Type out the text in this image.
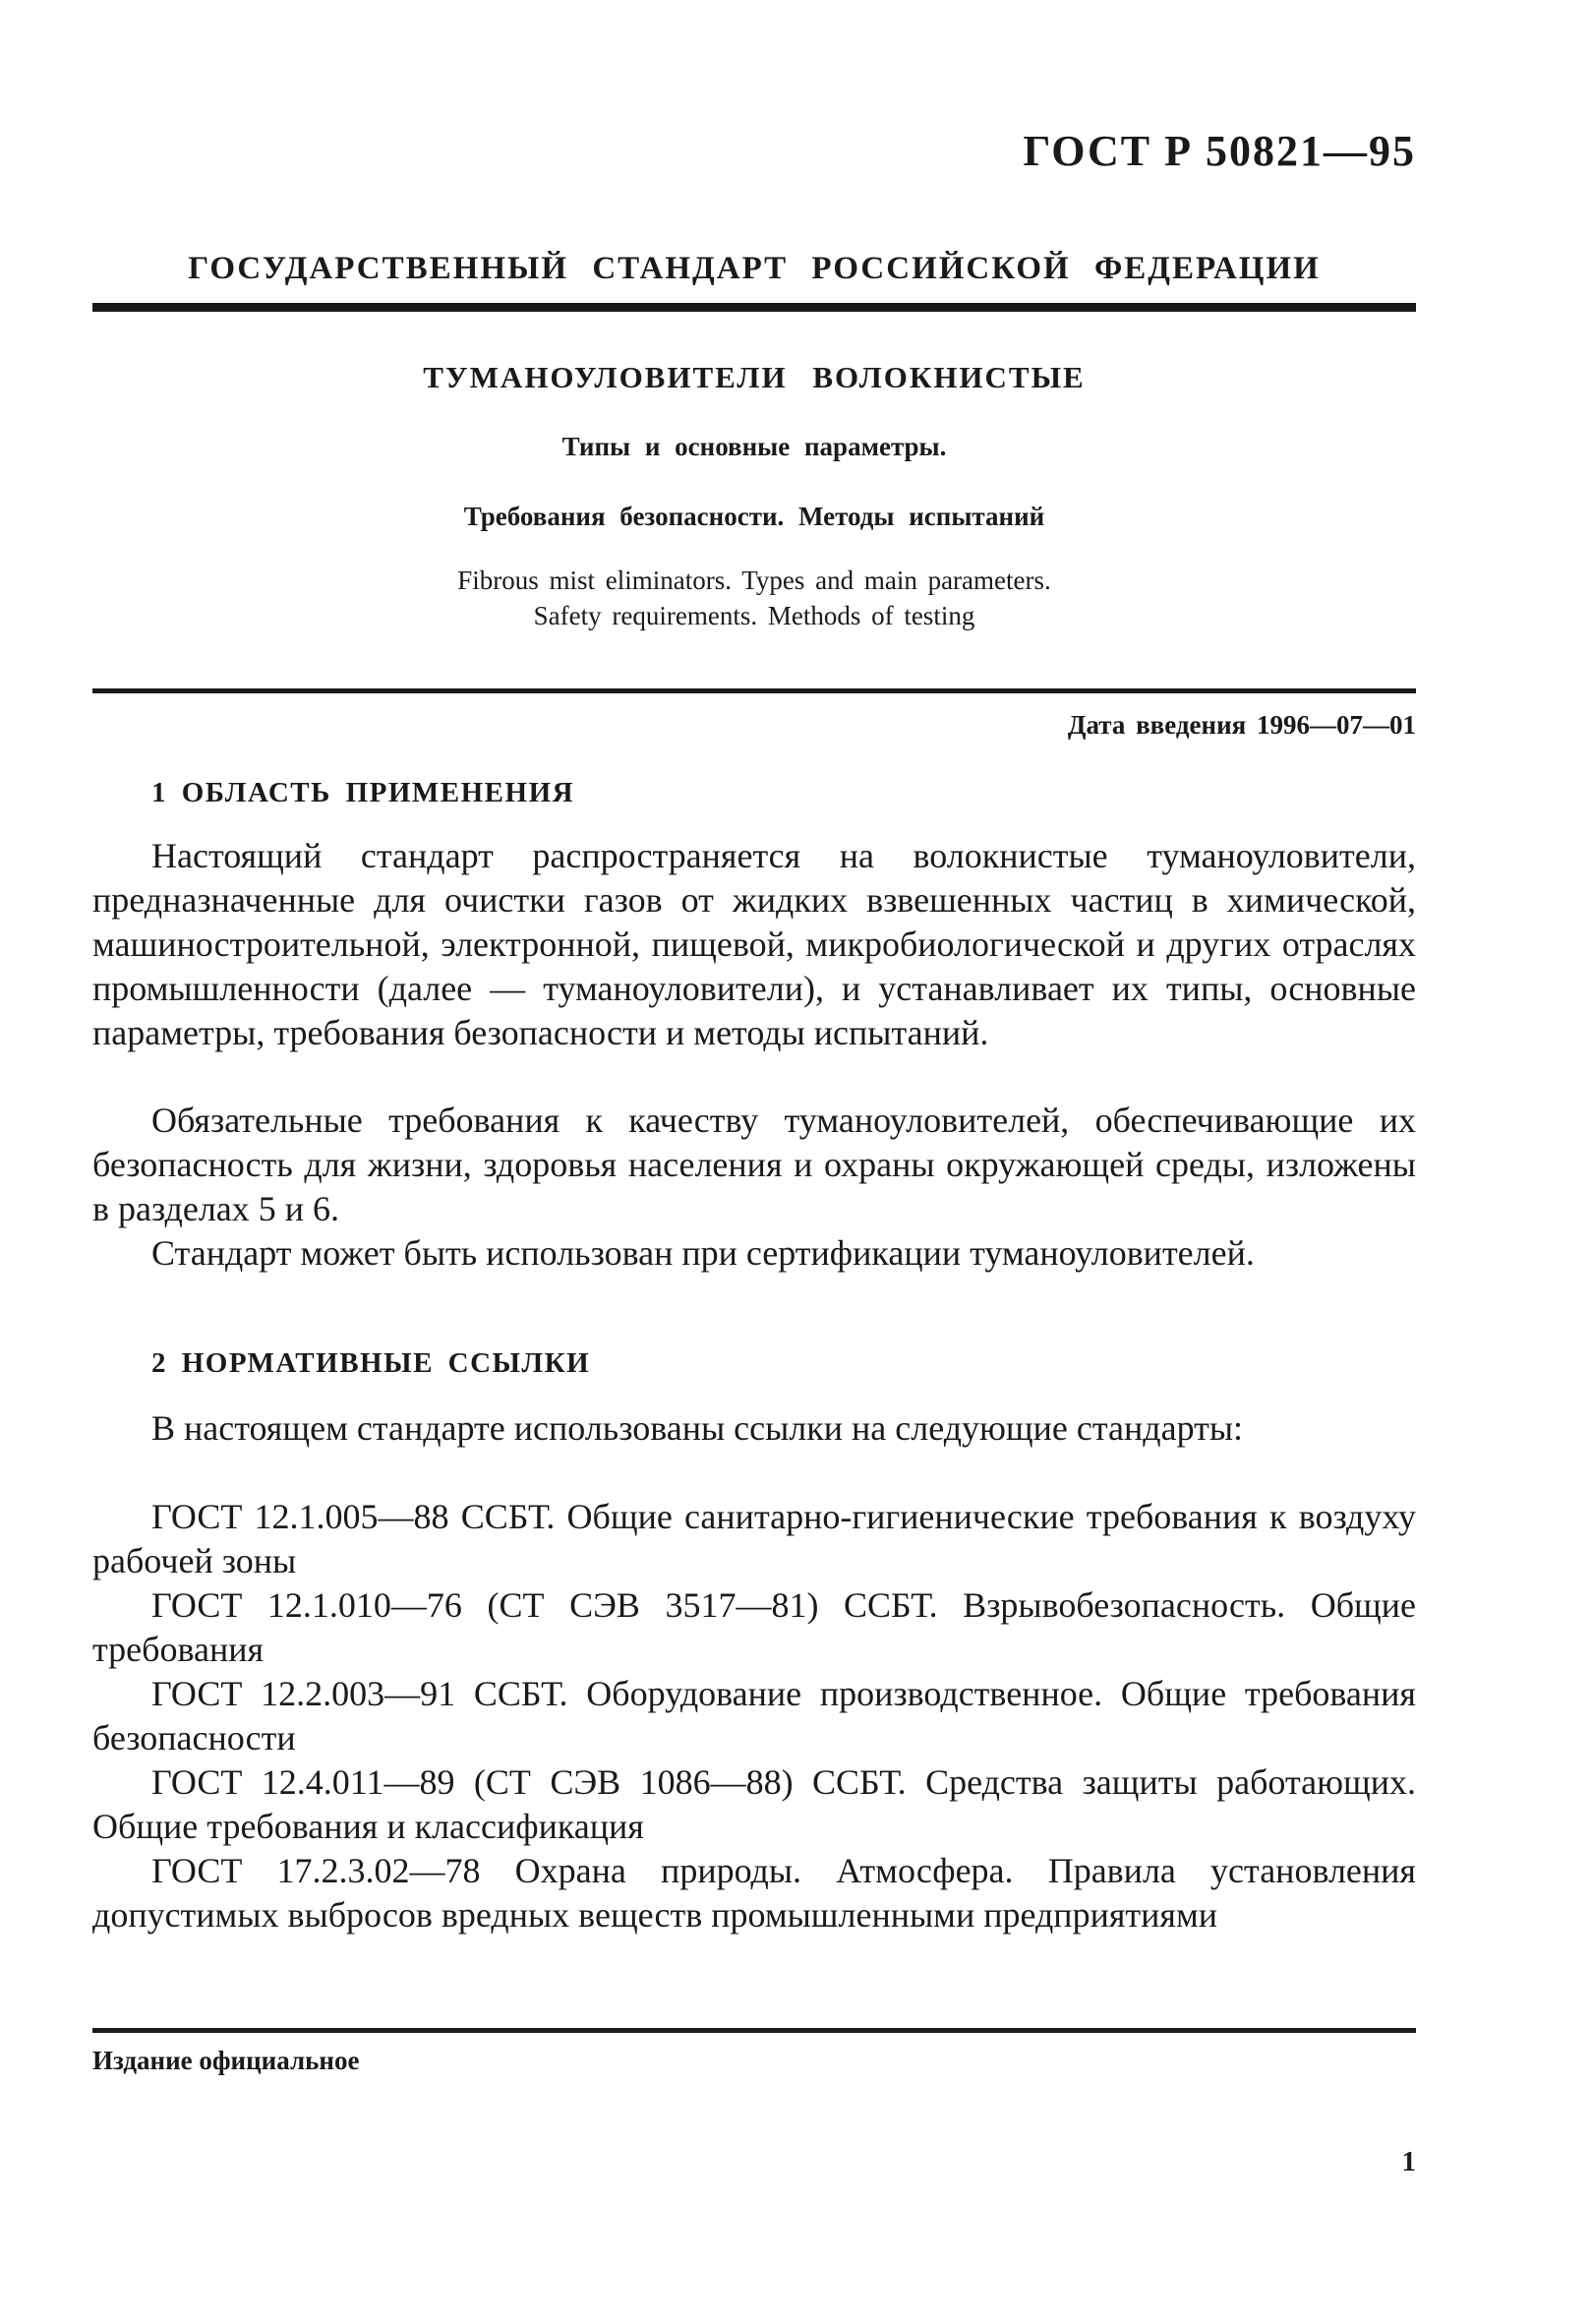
ГОСТ Р 50821—95
ГОСУДАРСТВЕННЫЙ СТАНДАРТ РОССИЙСКОЙ ФЕДЕРАЦИИ
ТУМАНОУЛОВИТЕЛИ ВОЛОКНИСТЫЕ
Типы и основные параметры.
Требования безопасности. Методы испытаний
Fibrous mist eliminators. Types and main parameters.
Safety requirements. Methods of testing
Дата введения 1996—07—01
1 ОБЛАСТЬ ПРИМЕНЕНИЯ
Настоящий стандарт распространяется на волокнистые туманоуловители, предназначенные для очистки газов от жидких взвешенных частиц в химической, машиностроительной, электронной, пищевой, микробиологической и других отраслях промышленности (далее — туманоуловители), и устанавливает их типы, основные параметры, требования безопасности и методы испытаний.
Обязательные требования к качеству туманоуловителей, обеспечивающие их безопасность для жизни, здоровья населения и охраны окружающей среды, изложены в разделах 5 и 6.
Стандарт может быть использован при сертификации туманоуловителей.
2 НОРМАТИВНЫЕ ССЫЛКИ
В настоящем стандарте использованы ссылки на следующие стандарты:
ГОСТ 12.1.005—88 ССБТ. Общие санитарно-гигиенические требования к воздуху рабочей зоны
ГОСТ 12.1.010—76 (СТ СЭВ 3517—81) ССБТ. Взрывобезопасность. Общие требования
ГОСТ 12.2.003—91 ССБТ. Оборудование производственное. Общие требования безопасности
ГОСТ 12.4.011—89 (СТ СЭВ 1086—88) ССБТ. Средства защиты работающих. Общие требования и классификация
ГОСТ 17.2.3.02—78 Охрана природы. Атмосфера. Правила установления допустимых выбросов вредных веществ промышленными предприятиями
Издание официальное
1
